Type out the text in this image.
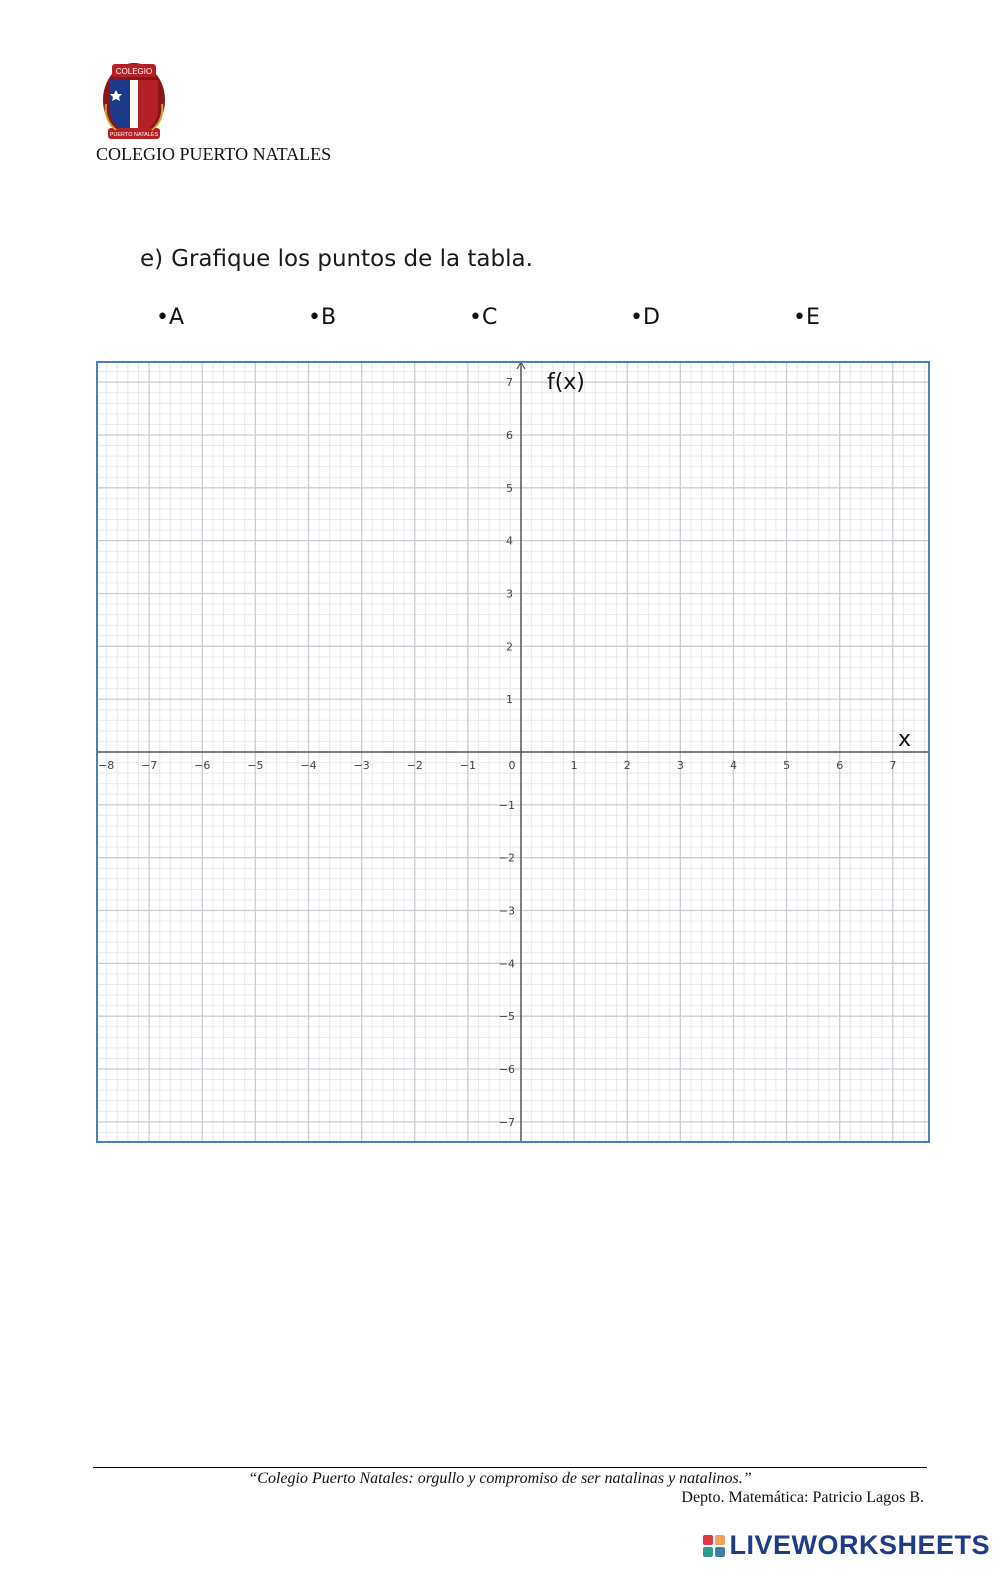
COLEGIO
PUERTO NATALES
COLEGIO PUERTO NATALES
e) Grafique los puntos de la tabla.
•A	•B	•C	•D	•E
−8 −7	−6	−5	−4	−3	−2	−1	0	1	2	3	4	5	6	7
1
2
3
4
5
6
7
−1
−2
−3
−4
−5
−6
−7
f(x)
x
“Colegio Puerto Natales: orgullo y compromiso de ser natalinas y natalinos.”
Depto. Matemática: Patricio Lagos B.
LIVEWORKSHEETS
